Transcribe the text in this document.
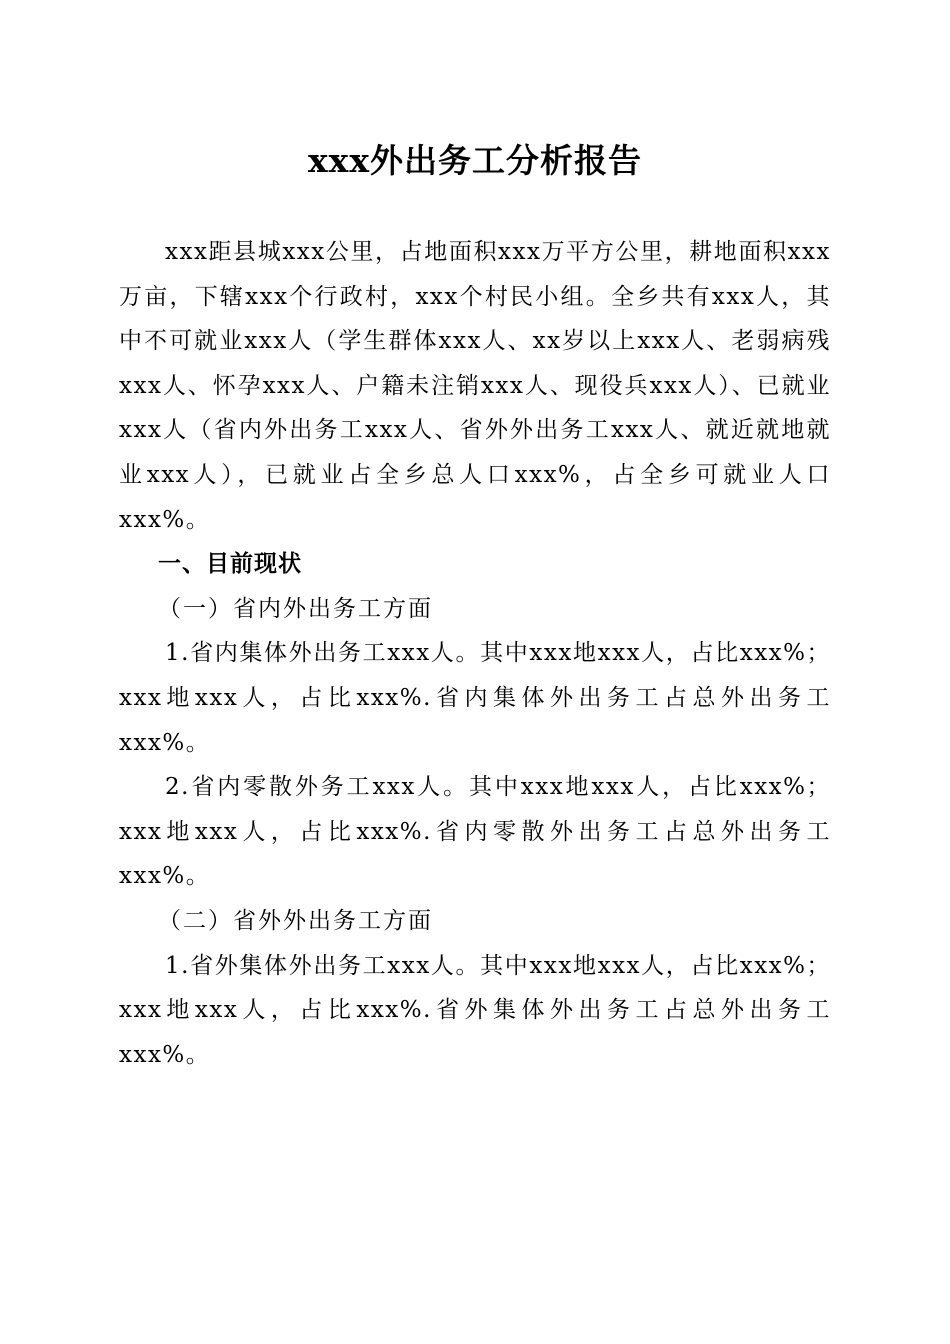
xxx外出务工分析报告

xxx距县城xxx公里，占地面积xxx万平方公里，耕地面积xxx万亩，下辖xxx个行政村，xxx个村民小组。全乡共有xxx人，其中不可就业xxx人（学生群体xxx人、xx岁以上xxx人、老弱病残xxx人、怀孕xxx人、户籍未注销xxx人、现役兵xxx人）、已就业xxx人（省内外出务工xxx人、省外外出务工xxx人、就近就地就业xxx人），已就业占全乡总人口xxx%，占全乡可就业人口xxx%。

一、目前现状

（一）省内外出务工方面

1.省内集体外出务工xxx人。其中xxx地xxx人，占比xxx%；xxx地xxx人，占比xxx%.省内集体外出务工占总外出务工xxx%。

2.省内零散外务工xxx人。其中xxx地xxx人，占比xxx%；xxx地xxx人，占比xxx%.省内零散外出务工占总外出务工xxx%。

（二）省外外出务工方面

1.省外集体外出务工xxx人。其中xxx地xxx人，占比xxx%；xxx地xxx人，占比xxx%.省外集体外出务工占总外出务工xxx%。
